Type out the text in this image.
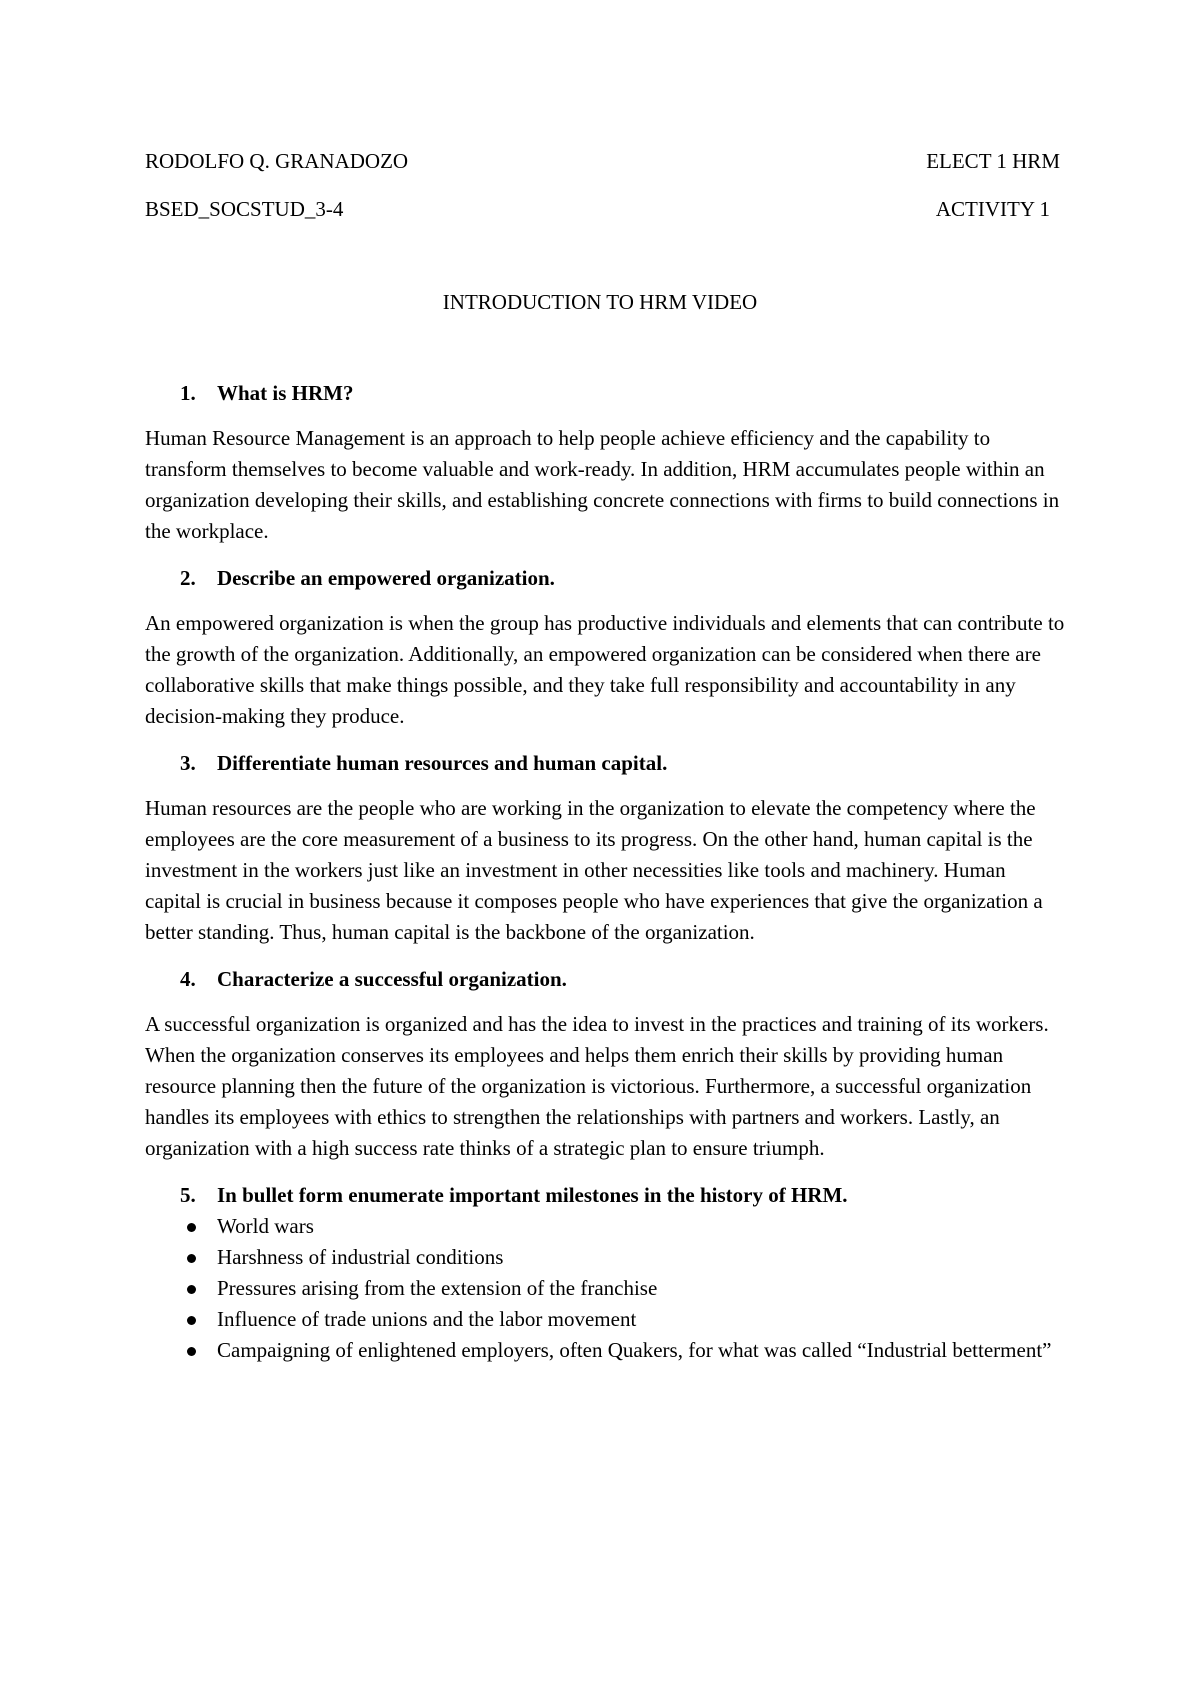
RODOLFO Q. GRANADOZO	ELECT 1 HRM
BSED_SOCSTUD_3-4	ACTIVITY 1
INTRODUCTION TO HRM VIDEO
1. What is HRM?

Human Resource Management is an approach to help people achieve efficiency and the capability to transform themselves to become valuable and work-ready. In addition, HRM accumulates people within an organization developing their skills, and establishing concrete connections with firms to build connections in the workplace.

2. Describe an empowered organization.

An empowered organization is when the group has productive individuals and elements that can contribute to the growth of the organization. Additionally, an empowered organization can be considered when there are collaborative skills that make things possible, and they take full responsibility and accountability in any decision-making they produce.

3. Differentiate human resources and human capital.

Human resources are the people who are working in the organization to elevate the competency where the employees are the core measurement of a business to its progress. On the other hand, human capital is the investment in the workers just like an investment in other necessities like tools and machinery. Human capital is crucial in business because it composes people who have experiences that give the organization a better standing. Thus, human capital is the backbone of the organization.

4. Characterize a successful organization.

A successful organization is organized and has the idea to invest in the practices and training of its workers. When the organization conserves its employees and helps them enrich their skills by providing human resource planning then the future of the organization is victorious. Furthermore, a successful organization handles its employees with ethics to strengthen the relationships with partners and workers. Lastly, an organization with a high success rate thinks of a strategic plan to ensure triumph.

5. In bullet form enumerate important milestones in the history of HRM.
World wars
Harshness of industrial conditions
Pressures arising from the extension of the franchise
Influence of trade unions and the labor movement
Campaigning of enlightened employers, often Quakers, for what was called “Industrial betterment”
